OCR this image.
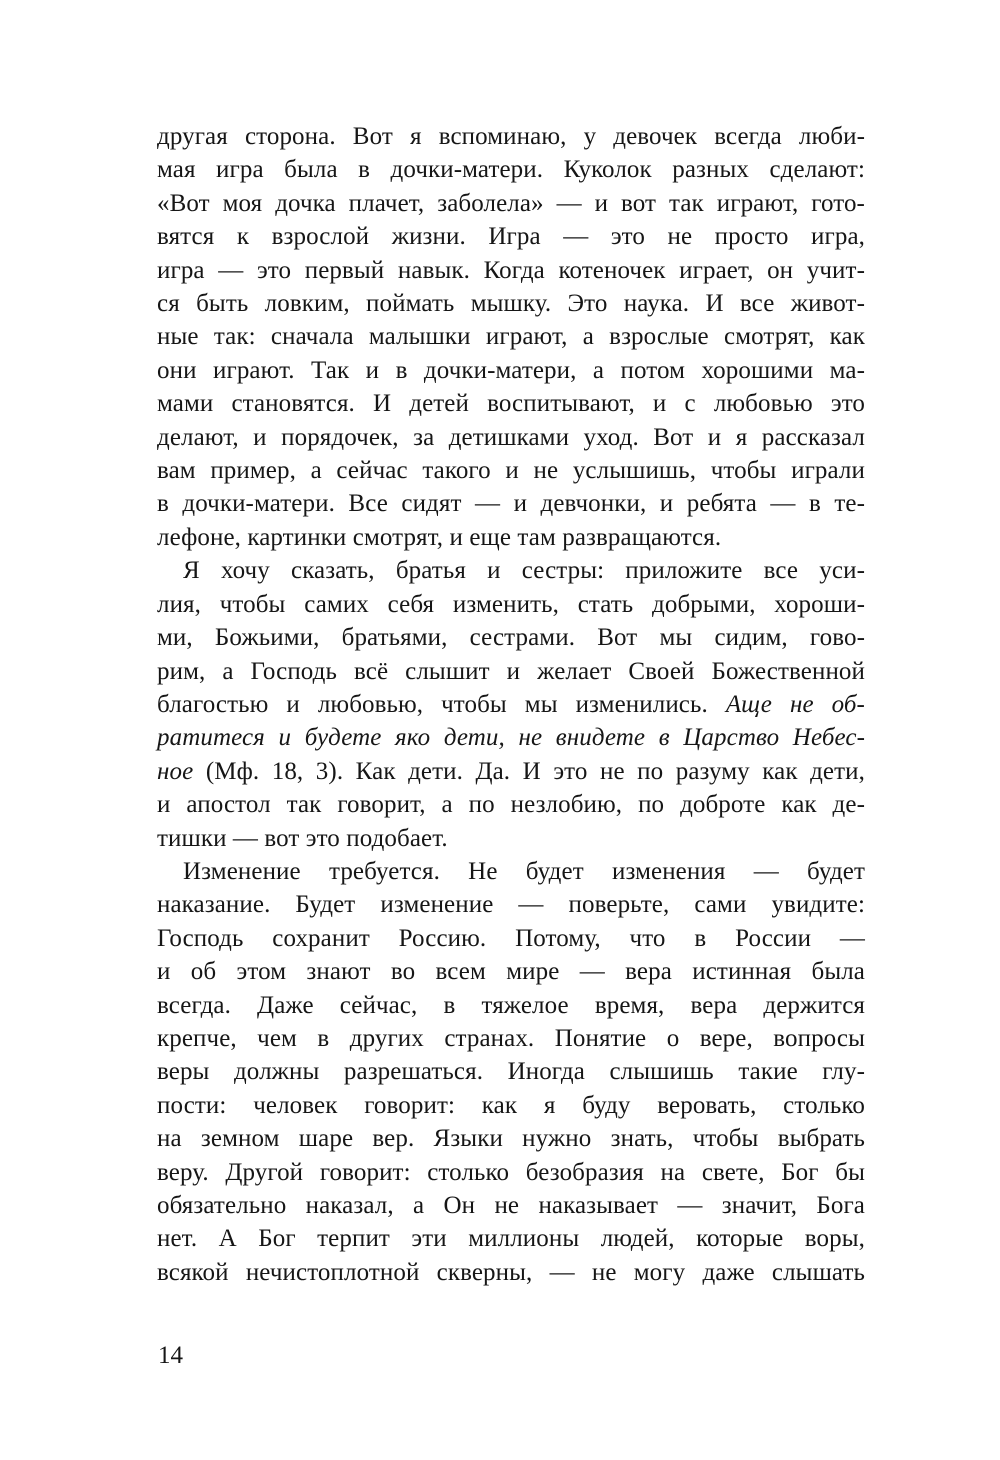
другая сторона. Вот я вспоминаю, у девочек всегда люби-
мая игра была в дочки-матери. Куколок разных сделают:
«Вот моя дочка плачет, заболела» — и вот так играют, гото-
вятся к взрослой жизни. Игра — это не просто игра,
игра — это первый навык. Когда котеночек играет, он учит-
ся быть ловким, поймать мышку. Это наука. И все живот-
ные так: сначала малышки играют, а взрослые смотрят, как
они играют. Так и в дочки-матери, а потом хорошими ма-
мами становятся. И детей воспитывают, и с любовью это
делают, и порядочек, за детишками уход. Вот и я рассказал
вам пример, а сейчас такого и не услышишь, чтобы играли
в дочки-матери. Все сидят — и девчонки, и ребята — в те-
лефоне, картинки смотрят, и еще там развращаются.
Я хочу сказать, братья и сестры: приложите все уси-
лия, чтобы самих себя изменить, стать добрыми, хороши-
ми, Божьими, братьями, сестрами. Вот мы сидим, гово-
рим, а Господь всё слышит и желает Своей Божественной
благостью и любовью, чтобы мы изменились. Аще не об-
ратитеся и будете яко дети, не внидете в Царство Небес-
ное (Мф. 18, 3). Как дети. Да. И это не по разуму как дети,
и апостол так говорит, а по незлобию, по доброте как де-
тишки — вот это подобает.
Изменение требуется. Не будет изменения — будет
наказание. Будет изменение — поверьте, сами увидите:
Господь сохранит Россию. Потому, что в России —
и об этом знают во всем мире — вера истинная была
всегда. Даже сейчас, в тяжелое время, вера держится
крепче, чем в других странах. Понятие о вере, вопросы
веры должны разрешаться. Иногда слышишь такие глу-
пости: человек говорит: как я буду веровать, столько
на земном шаре вер. Языки нужно знать, чтобы выбрать
веру. Другой говорит: столько безобразия на свете, Бог бы
обязательно наказал, а Он не наказывает — значит, Бога
нет. А Бог терпит эти миллионы людей, которые воры,
всякой нечистоплотной скверны, — не могу даже слышать
14
